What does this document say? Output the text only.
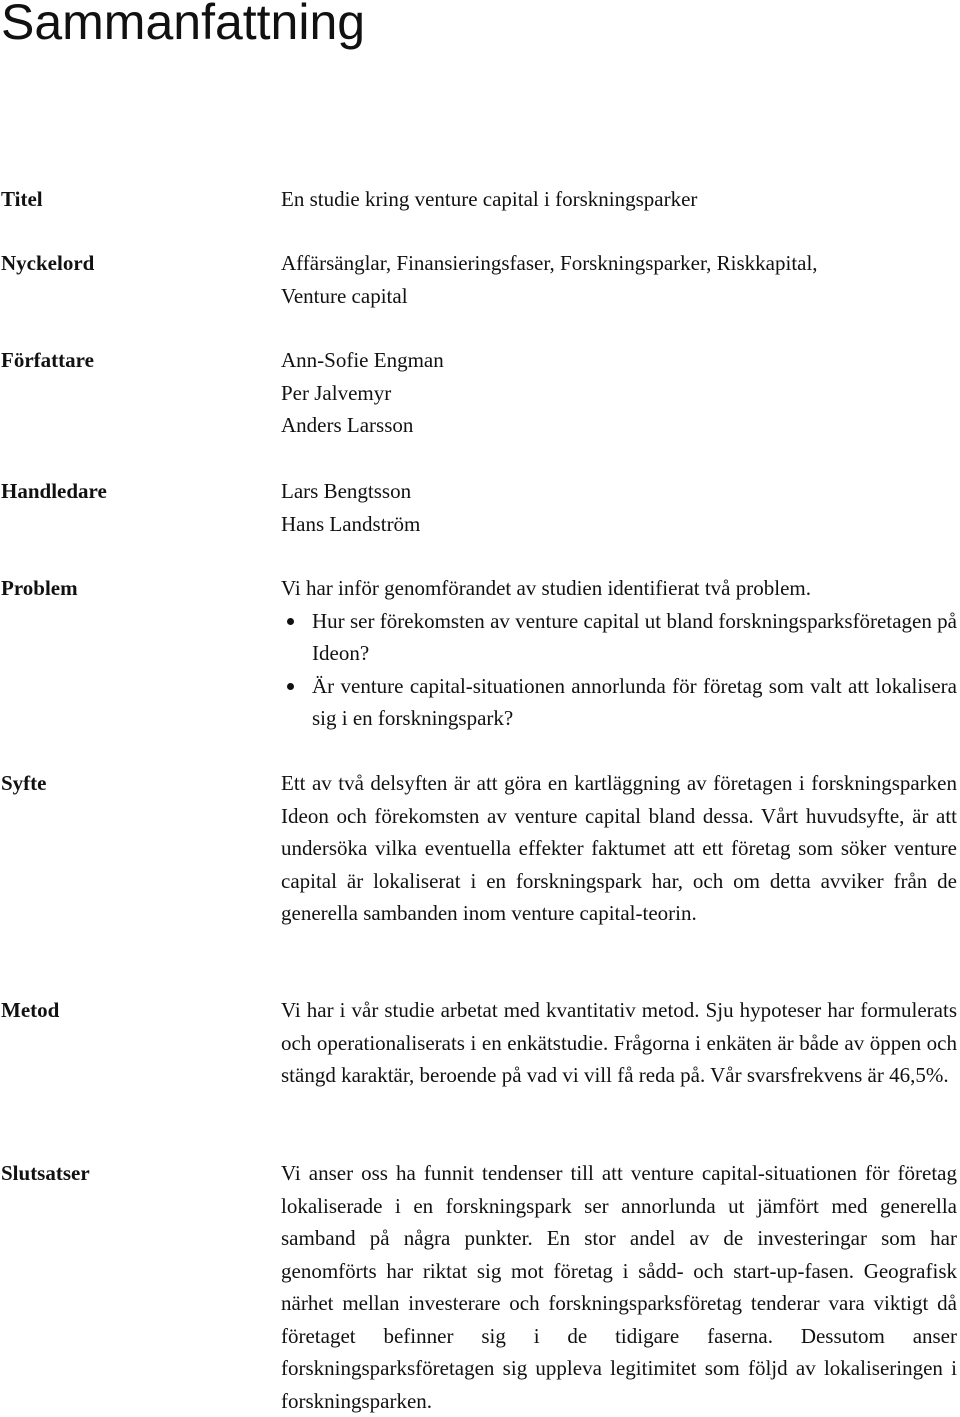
Sammanfattning
Titel	En studie kring venture capital i forskningsparker
Nyckelord	Affärsänglar, Finansieringsfaser, Forskningsparker, Riskkapital,
Venture capital
Författare	Ann-Sofie Engman
Per Jalvemyr
Anders Larsson
Handledare	Lars Bengtsson
Hans Landström
Problem	Vi har inför genomförandet av studien identifierat två problem.
Hur ser förekomsten av venture capital ut bland forskningsparksföretagen på Ideon?
Är venture capital-situationen annorlunda för företag som valt att lokalisera sig i en forskningspark?
Syfte	Ett av två delsyften är att göra en kartläggning av företagen i forskningsparken Ideon och förekomsten av venture capital bland dessa. Vårt huvudsyfte, är att undersöka vilka eventuella effekter faktumet att ett företag som söker venture capital är lokaliserat i en forskningspark har, och om detta avviker från de generella sambanden inom venture capital-teorin.
Metod	Vi har i vår studie arbetat med kvantitativ metod. Sju hypoteser har formulerats och operationaliserats i en enkätstudie. Frågorna i enkäten är både av öppen och stängd karaktär, beroende på vad vi vill få reda på. Vår svarsfrekvens är 46,5%.
Slutsatser	Vi anser oss ha funnit tendenser till att venture capital-situationen för företag lokaliserade i en forskningspark ser annorlunda ut jämfört med generella samband på några punkter. En stor andel av de investeringar som har genomförts har riktat sig mot företag i sådd- och start-up-fasen. Geografisk närhet mellan investerare och forskningsparksföretag tenderar vara viktigt då företaget befinner sig i de tidigare faserna. Dessutom anser forskningsparksföretagen sig uppleva legitimitet som följd av lokaliseringen i forskningsparken.
